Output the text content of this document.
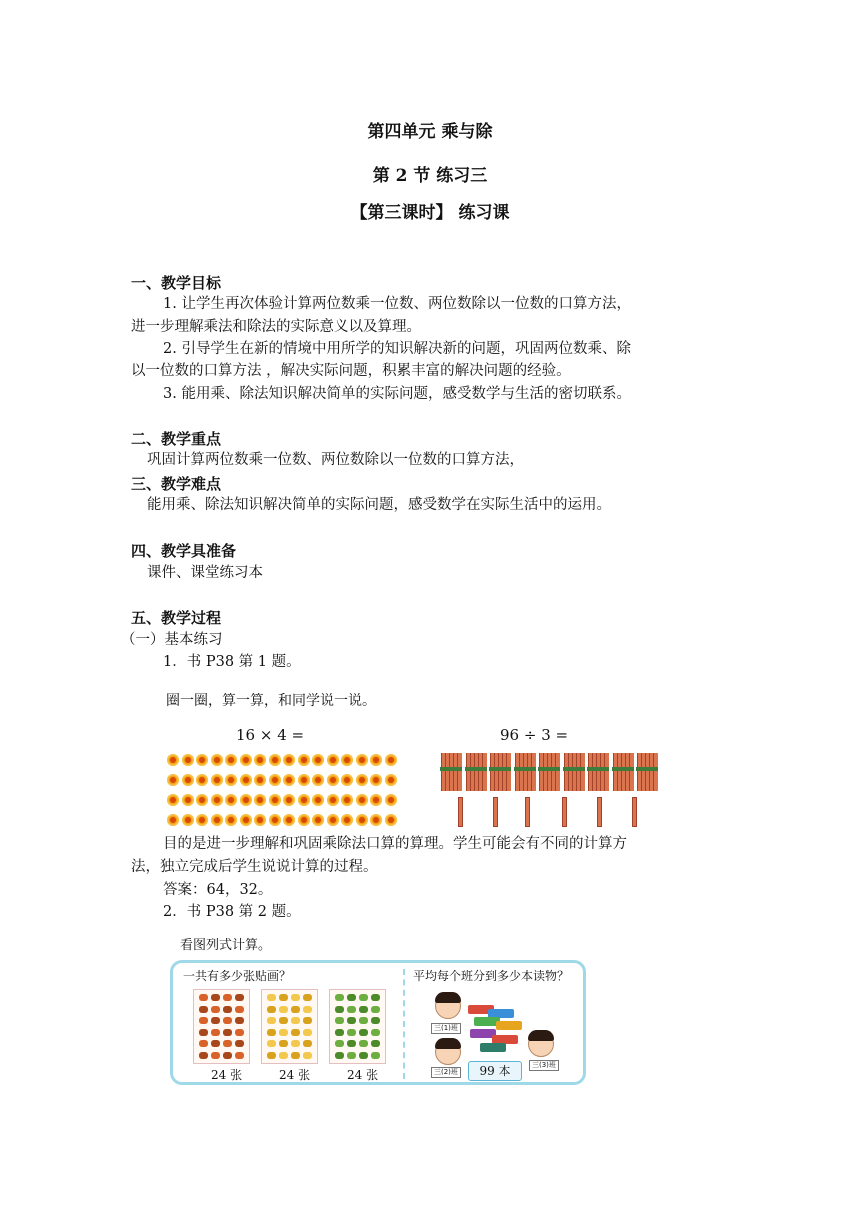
第四单元 乘与除
第 2 节 练习三
【第三课时】 练习课
一、教学目标
1. 让学生再次体验计算两位数乘一位数、两位数除以一位数的口算方法，
进一步理解乘法和除法的实际意义以及算理。
2. 引导学生在新的情境中用所学的知识解决新的问题，巩固两位数乘、除
以一位数的口算方法 ，解决实际问题，积累丰富的解决问题的经验。
3. 能用乘、除法知识解决简单的实际问题，感受数学与生活的密切联系。
二、教学重点
巩固计算两位数乘一位数、两位数除以一位数的口算方法，
三、教学难点
能用乘、除法知识解决简单的实际问题，感受数学在实际生活中的运用。
四、教学具准备
课件、课堂练习本
五、教学过程
（一）基本练习
1．书 P38 第 1 题。
圈一圈，算一算，和同学说一说。
16 × 4 =	96 ÷ 3 =
目的是进一步理解和巩固乘除法口算的算理。学生可能会有不同的计算方
法，独立完成后学生说说计算的过程。
答案：64，32。
2．书 P38 第 2 题。
看图列式计算。
一共有多少张贴画？	平均每个班分到多少本读物？
24 张	24 张	24 张
三(1)班
三(2)班
三(3)班
99 本
